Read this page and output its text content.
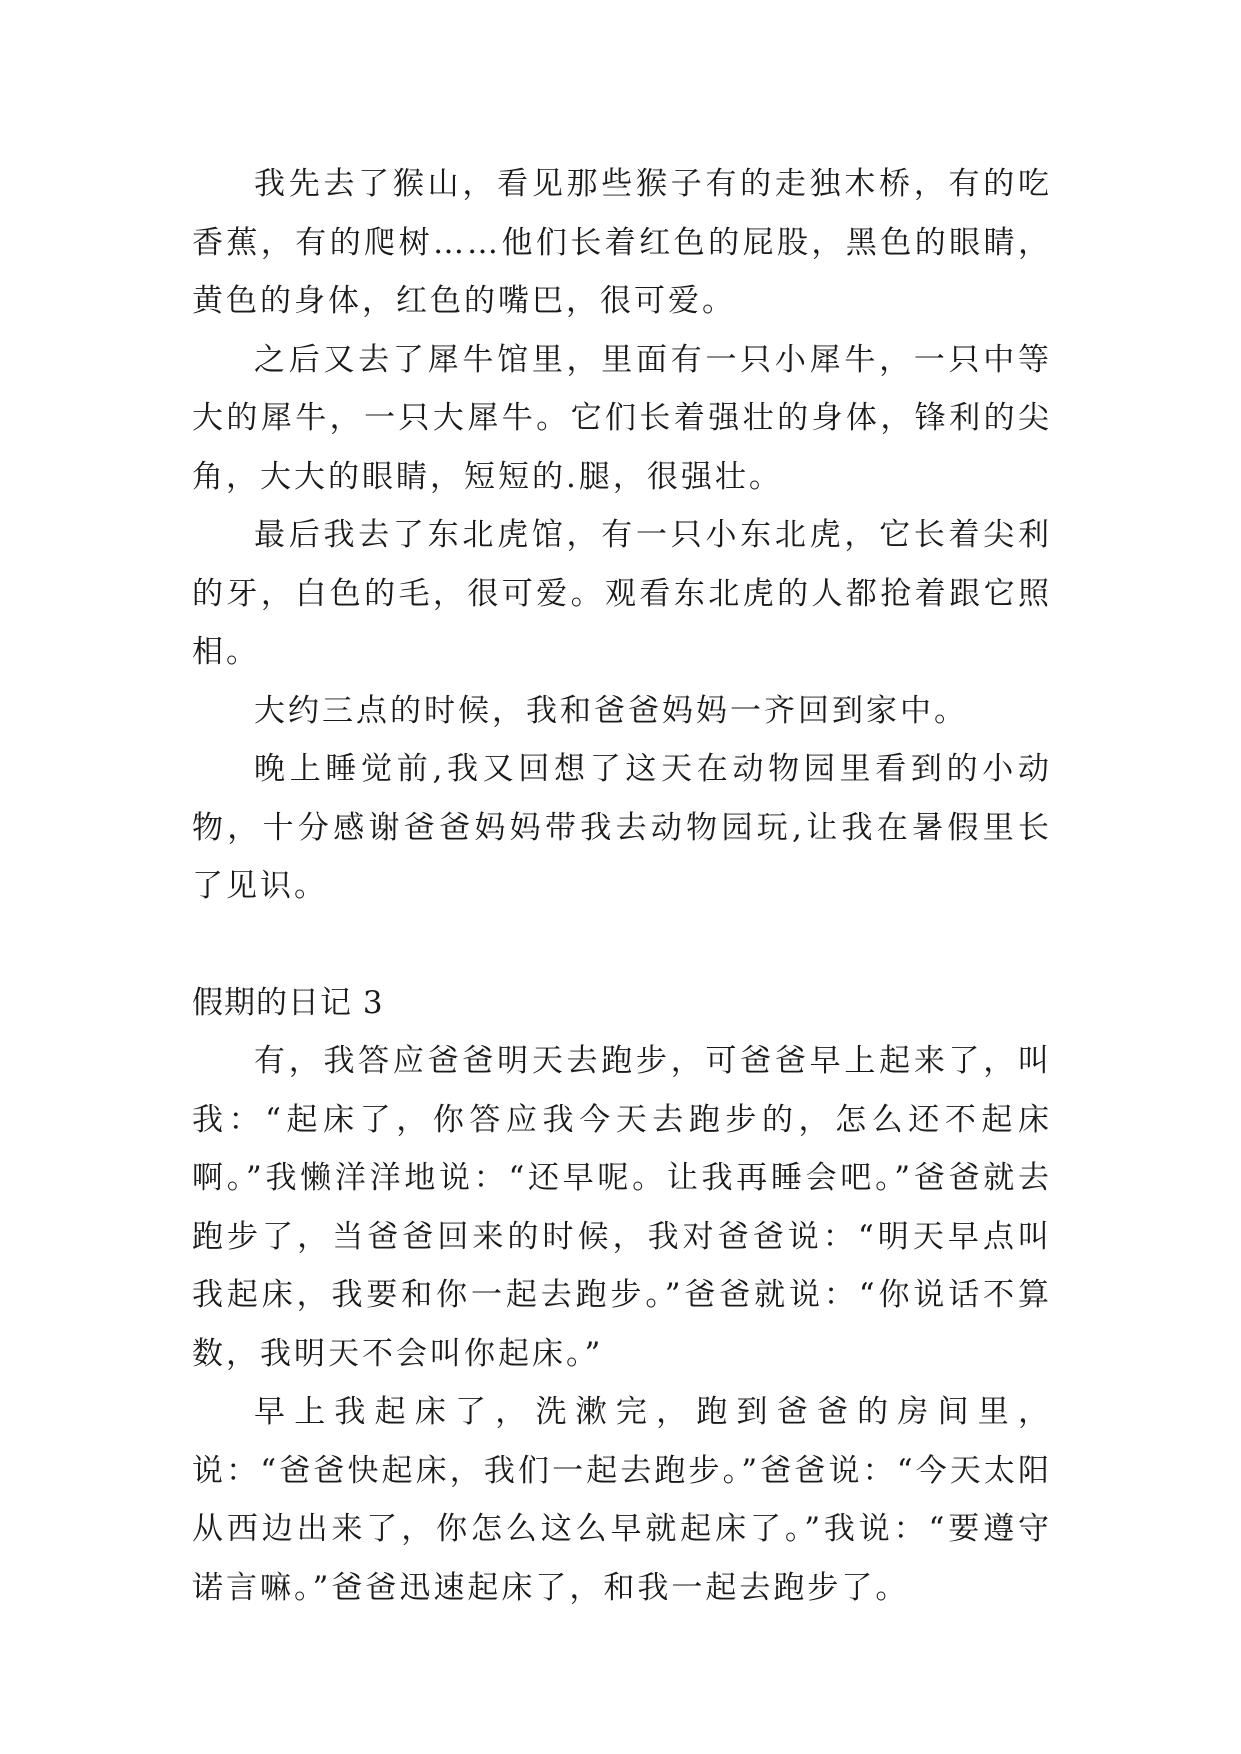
我先去了猴山，看见那些猴子有的走独木桥，有的吃香蕉，有的爬树……他们长着红色的屁股，黑色的眼睛，黄色的身体，红色的嘴巴，很可爱。

之后又去了犀牛馆里，里面有一只小犀牛，一只中等大的犀牛，一只大犀牛。它们长着强壮的身体，锋利的尖角，大大的眼睛，短短的.腿，很强壮。

最后我去了东北虎馆，有一只小东北虎，它长着尖利的牙，白色的毛，很可爱。观看东北虎的人都抢着跟它照相。

大约三点的时候，我和爸爸妈妈一齐回到家中。

晚上睡觉前,我又回想了这天在动物园里看到的小动物，十分感谢爸爸妈妈带我去动物园玩,让我在暑假里长了见识。

假期的日记 3

有，我答应爸爸明天去跑步，可爸爸早上起来了，叫我：“起床了，你答应我今天去跑步的，怎么还不起床啊。”我懒洋洋地说：“还早呢。让我再睡会吧。”爸爸就去跑步了，当爸爸回来的时候，我对爸爸说：“明天早点叫我起床，我要和你一起去跑步。”爸爸就说：“你说话不算数，我明天不会叫你起床。”

早上我起床了，洗漱完，跑到爸爸的房间里，说：“爸爸快起床，我们一起去跑步。”爸爸说：“今天太阳从西边出来了，你怎么这么早就起床了。”我说：“要遵守诺言嘛。”爸爸迅速起床了，和我一起去跑步了。
